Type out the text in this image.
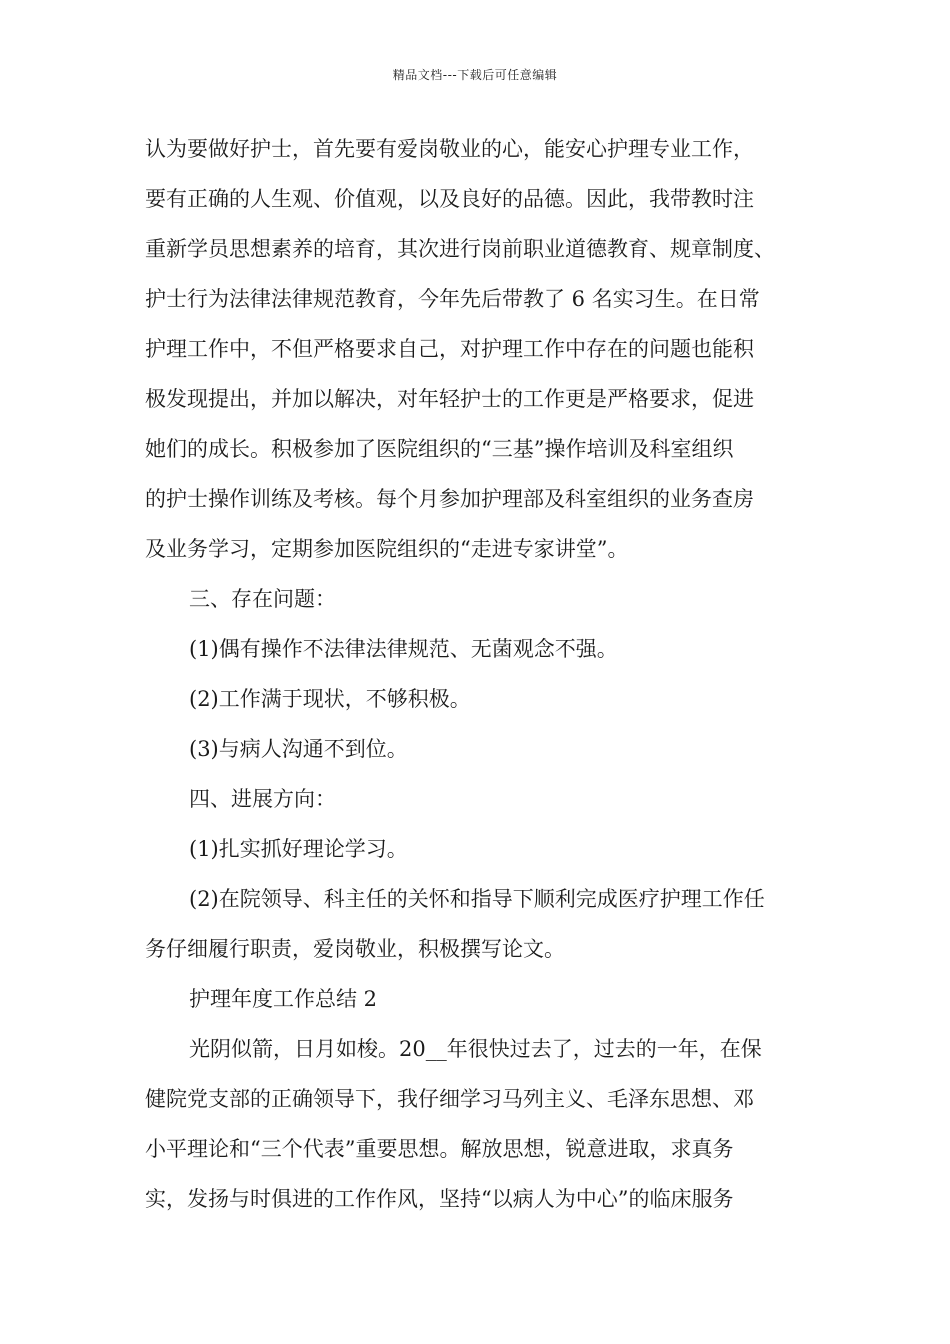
精品文档---下载后可任意编辑
认为要做好护士，首先要有爱岗敬业的心，能安心护理专业工作，
要有正确的人生观、价值观，以及良好的品德。因此，我带教时注
重新学员思想素养的培育，其次进行岗前职业道德教育、规章制度、
护士行为法律法律规范教育，今年先后带教了 6 名实习生。在日常
护理工作中，不但严格要求自己，对护理工作中存在的问题也能积
极发现提出，并加以解决，对年轻护士的工作更是严格要求，促进
她们的成长。积极参加了医院组织的“三基”操作培训及科室组织
的护士操作训练及考核。每个月参加护理部及科室组织的业务查房
及业务学习，定期参加医院组织的“走进专家讲堂”。
三、存在问题：
(1)偶有操作不法律法律规范、无菌观念不强。
(2)工作满于现状，不够积极。
(3)与病人沟通不到位。
四、进展方向：
(1)扎实抓好理论学习。
(2)在院领导、科主任的关怀和指导下顺利完成医疗护理工作任
务仔细履行职责，爱岗敬业，积极撰写论文。
护理年度工作总结 2
光阴似箭，日月如梭。20__年很快过去了，过去的一年，在保
健院党支部的正确领导下，我仔细学习马列主义、毛泽东思想、邓
小平理论和“三个代表”重要思想。解放思想，锐意进取，求真务
实，发扬与时俱进的工作作风，坚持“以病人为中心”的临床服务
